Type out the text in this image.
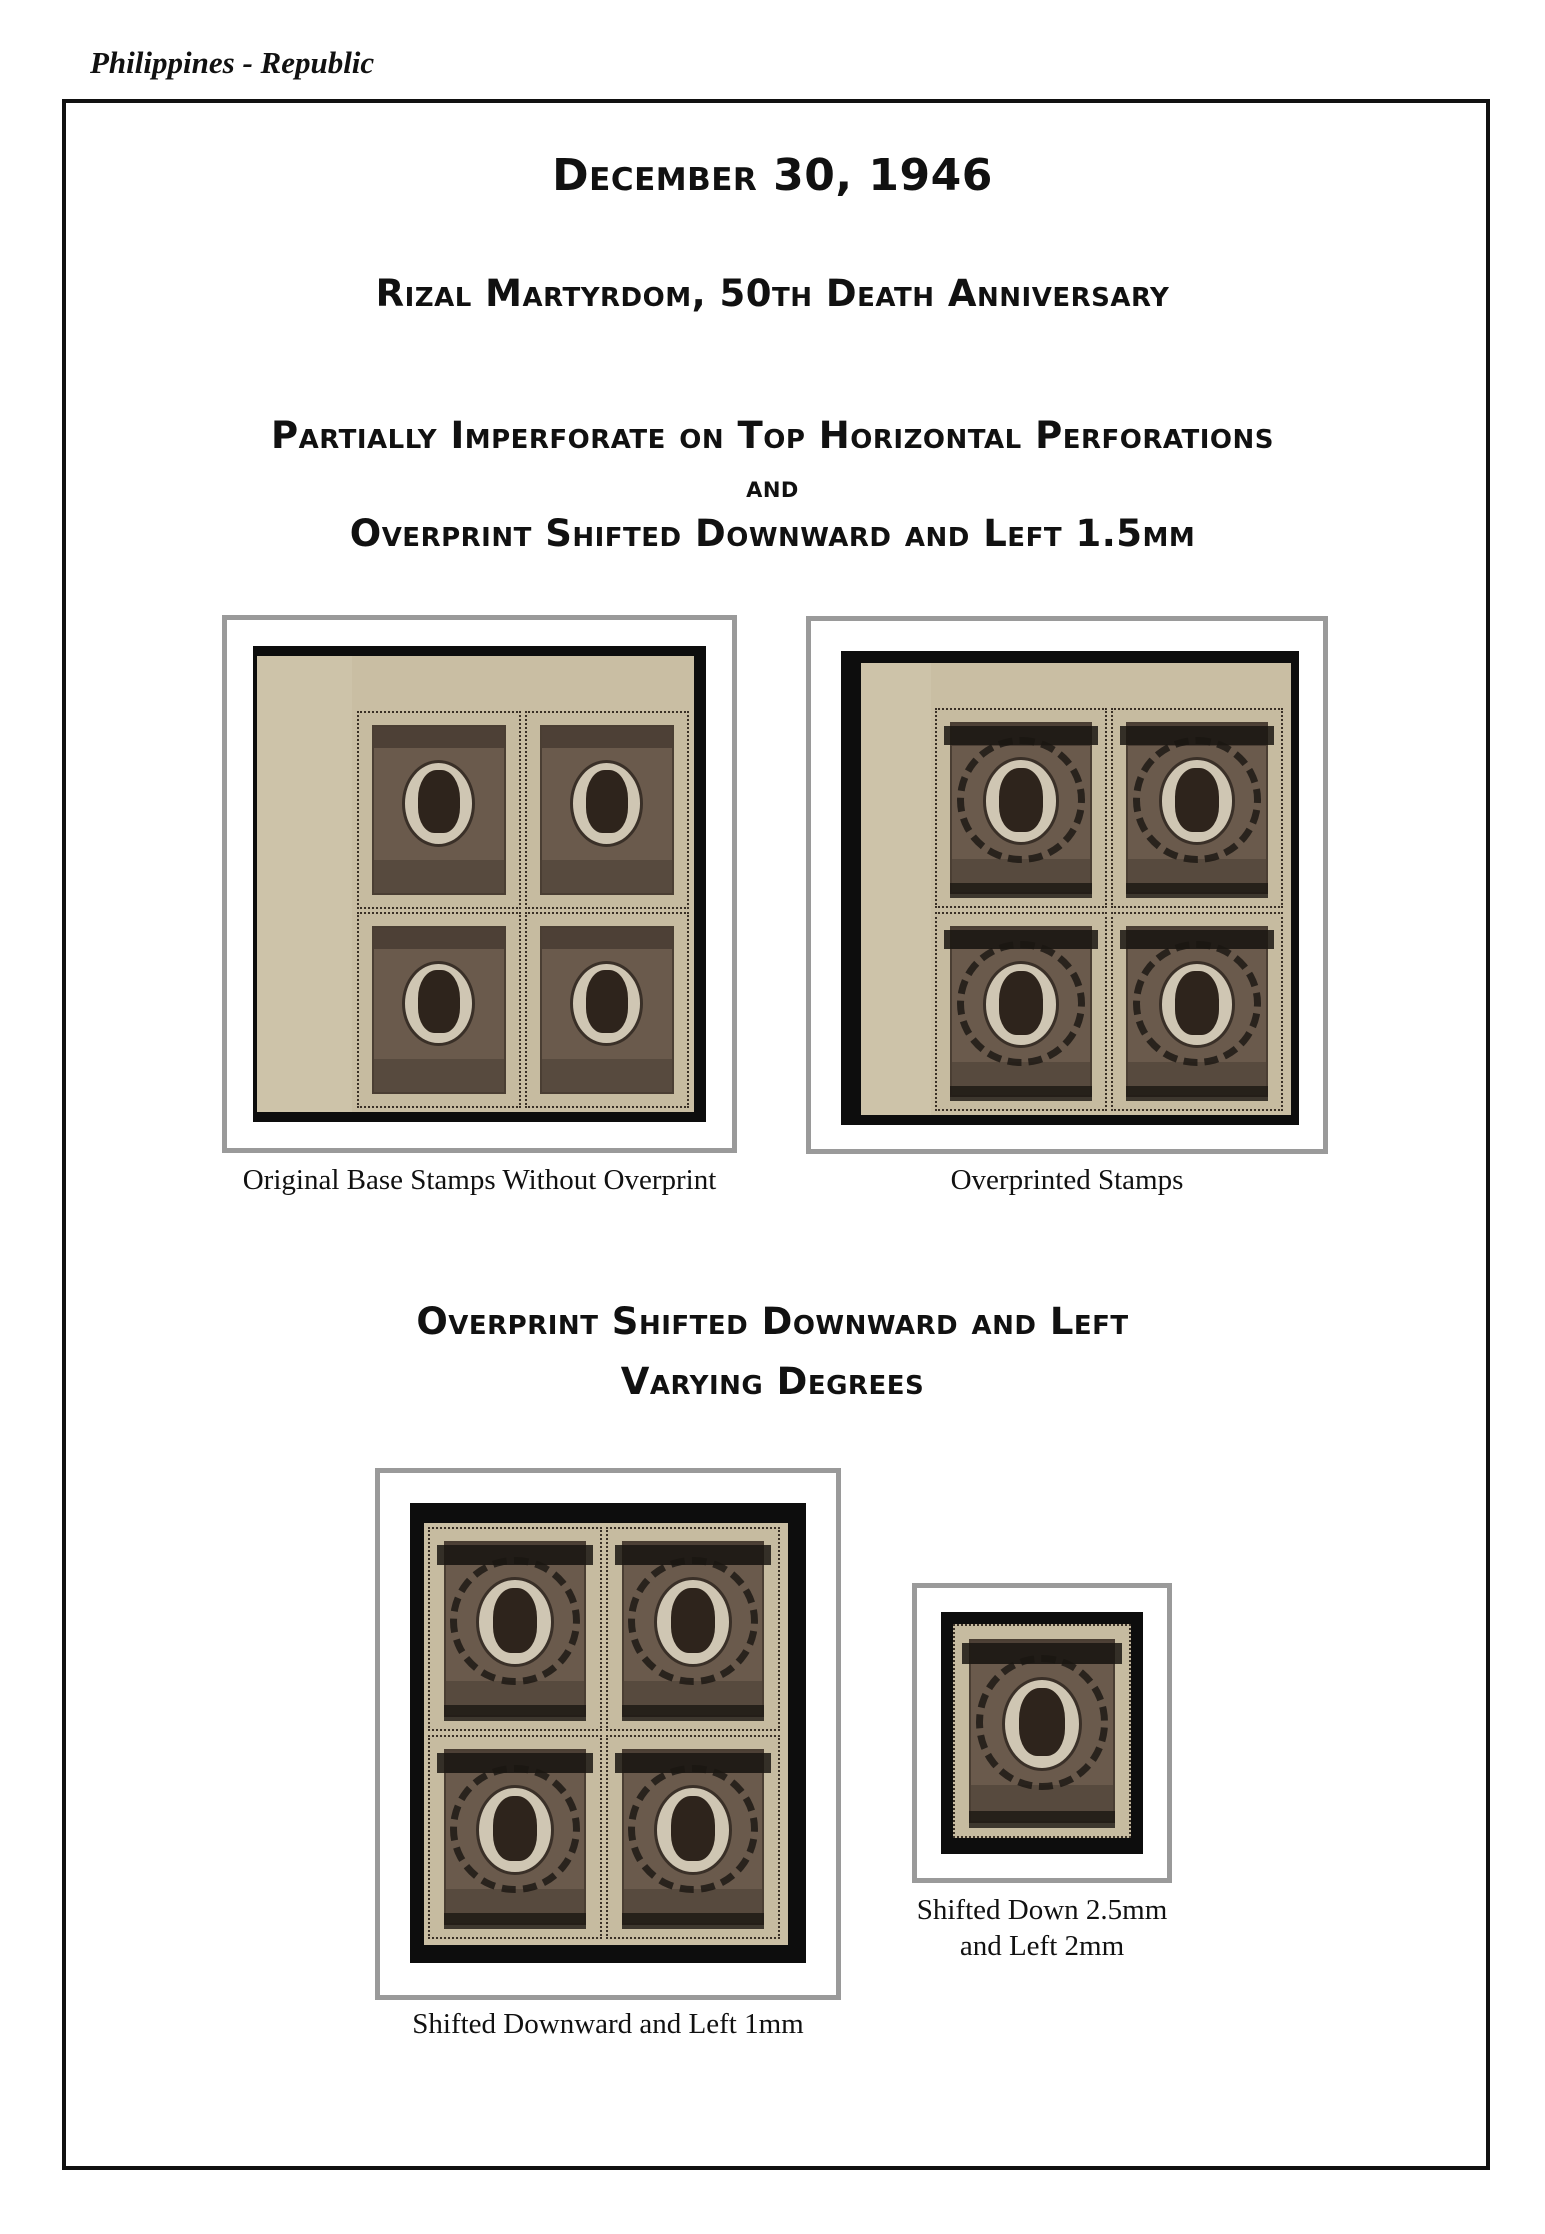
Philippines - Republic
December 30, 1946
Rizal Martyrdom, 50th Death Anniversary
Partially Imperforate on Top Horizontal Perforations
and
Overprint Shifted Downward and Left 1.5mm
Original Base Stamps Without Overprint	Overprinted Stamps
Overprint Shifted Downward and Left
Varying Degrees
Shifted Downward and Left 1mm
Shifted Down 2.5mm
and Left 2mm
